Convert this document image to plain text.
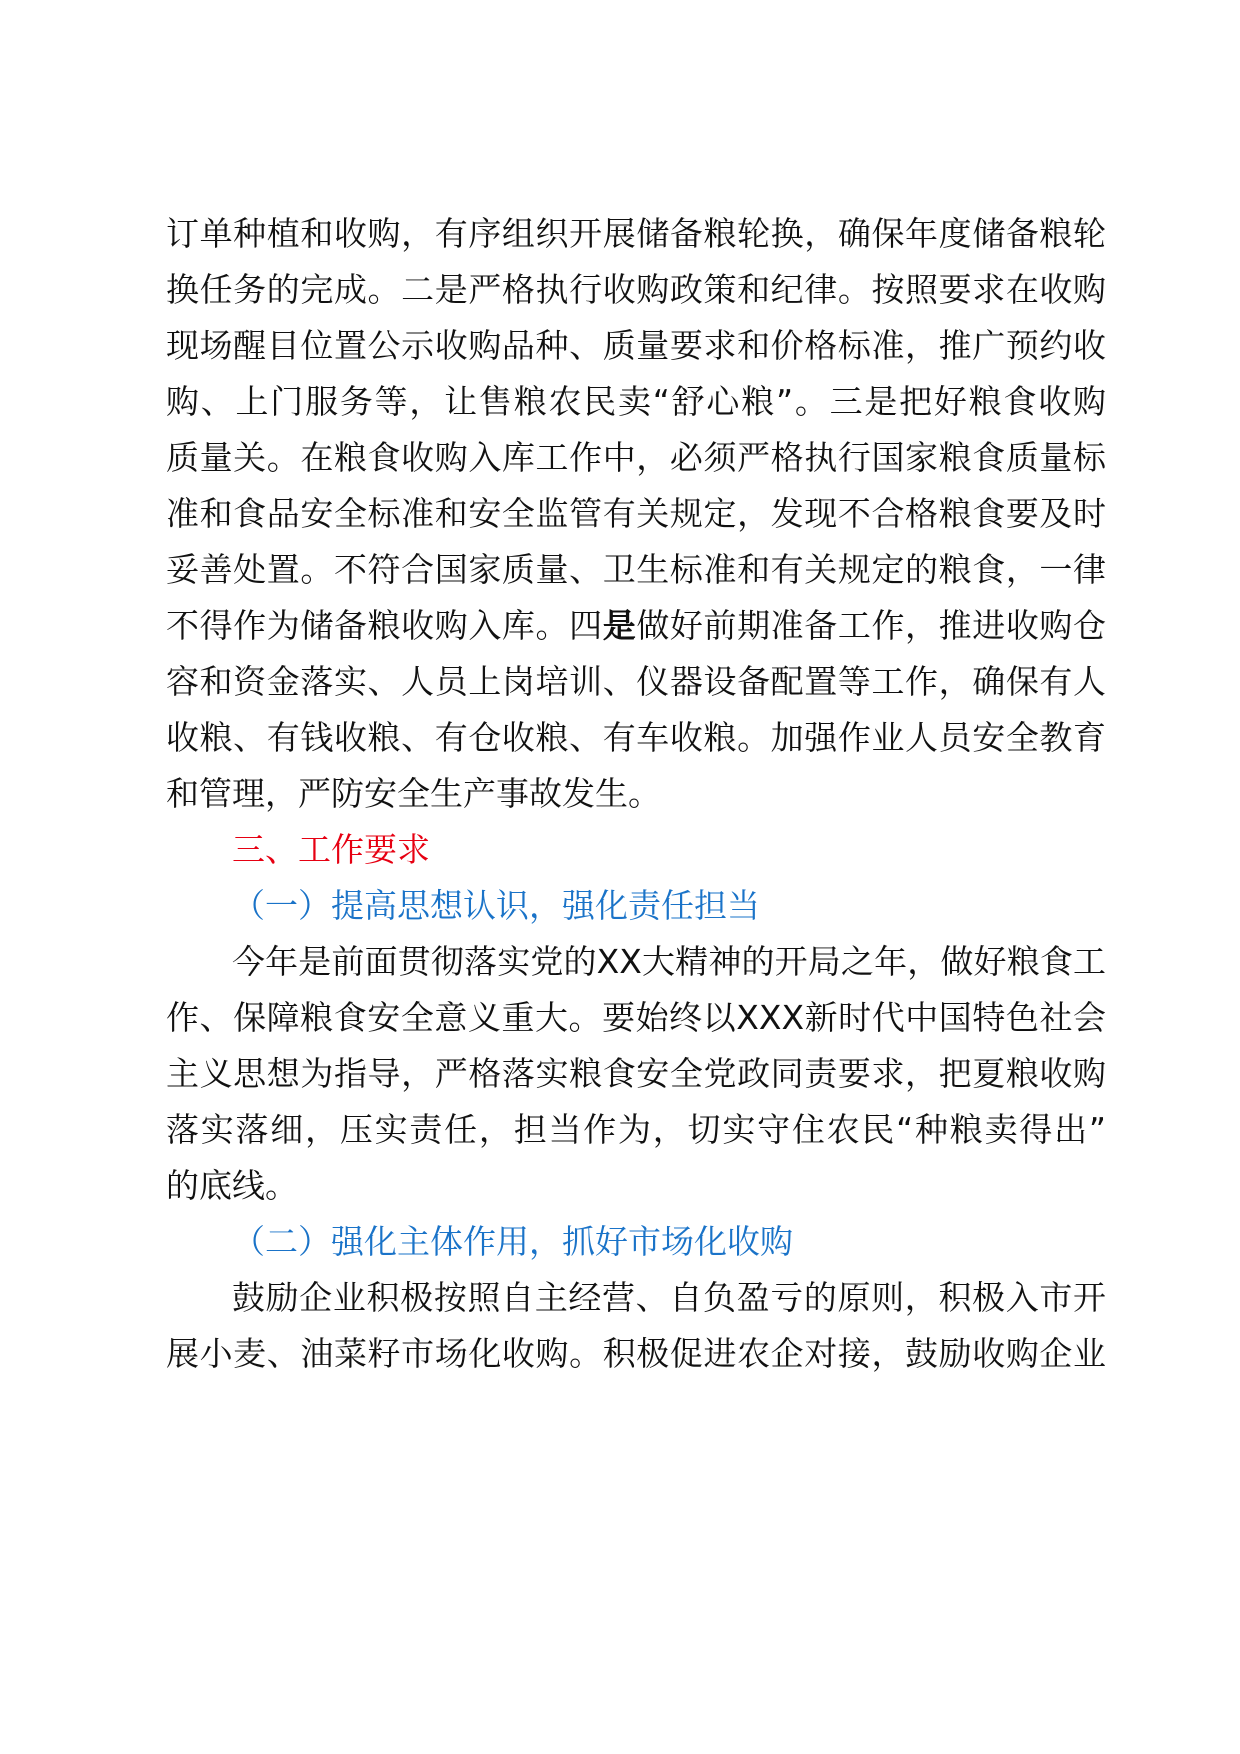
订单种植和收购，有序组织开展储备粮轮换，确保年度储备粮轮
换任务的完成。二是严格执行收购政策和纪律。按照要求在收购
现场醒目位置公示收购品种、质量要求和价格标准，推广预约收
购、上门服务等，让售粮农民卖“舒心粮”。三是把好粮食收购
质量关。在粮食收购入库工作中，必须严格执行国家粮食质量标
准和食品安全标准和安全监管有关规定，发现不合格粮食要及时
妥善处置。不符合国家质量、卫生标准和有关规定的粮食，一律
不得作为储备粮收购入库。四是做好前期准备工作，推进收购仓
容和资金落实、人员上岗培训、仪器设备配置等工作，确保有人
收粮、有钱收粮、有仓收粮、有车收粮。加强作业人员安全教育
和管理，严防安全生产事故发生。
三、工作要求
（一）提高思想认识，强化责任担当
今年是前面贯彻落实党的XX大精神的开局之年，做好粮食工
作、保障粮食安全意义重大。要始终以XXX新时代中国特色社会
主义思想为指导，严格落实粮食安全党政同责要求，把夏粮收购
落实落细，压实责任，担当作为，切实守住农民“种粮卖得出”
的底线。
（二）强化主体作用，抓好市场化收购
鼓励企业积极按照自主经营、自负盈亏的原则，积极入市开
展小麦、油菜籽市场化收购。积极促进农企对接，鼓励收购企业
